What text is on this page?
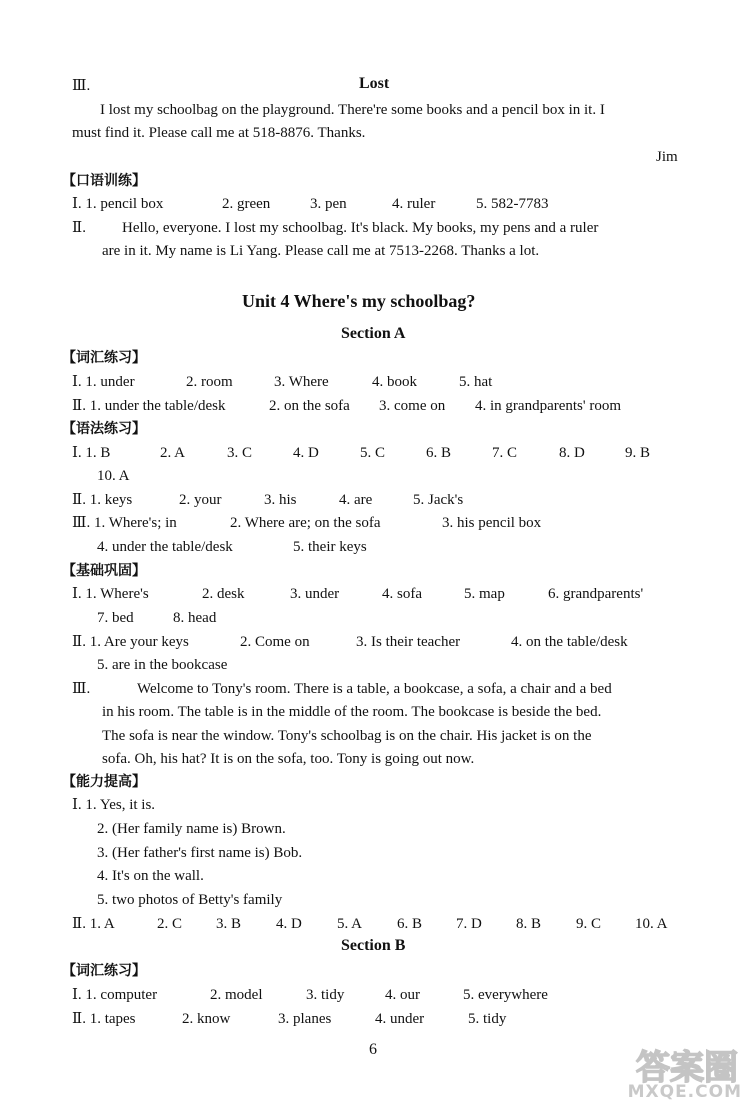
Ⅲ.	Lost
I lost my schoolbag on the playground. There're some books and a pencil box in it. I
must find it. Please call me at 518-8876. Thanks.
Jim
【口语训练】
Ⅰ. 1. pencil box	2. green	3. pen	4. ruler	5. 582-7783
Ⅱ. Hello, everyone. I lost my schoolbag. It's black. My books, my pens and a ruler
are in it. My name is Li Yang. Please call me at 7513-2268. Thanks a lot.
Unit 4 Where's my schoolbag?
Section A
【词汇练习】
Ⅰ. 1. under	2. room	3. Where	4. book	5. hat
Ⅱ. 1. under the table/desk	2. on the sofa 3. come on 4. in grandparents' room
【语法练习】
Ⅰ. 1. B	2. A	3. C	4. D	5. C	6. B	7. C	8. D	9. B
10. A
Ⅱ. 1. keys	2. your	3. his	4. are	5. Jack's
Ⅲ. 1. Where's; in	2. Where are; on the sofa	3. his pencil box
4. under the table/desk	5. their keys
【基础巩固】
Ⅰ. 1. Where's	2. desk	3. under	4. sofa	5. map	6. grandparents'
7. bed	8. head
Ⅱ. 1. Are your keys	2. Come on	3. Is their teacher	4. on the table/desk
5. are in the bookcase
Ⅲ.	Welcome to Tony's room. There is a table, a bookcase, a sofa, a chair and a bed
in his room. The table is in the middle of the room. The bookcase is beside the bed.
The sofa is near the window. Tony's schoolbag is on the chair. His jacket is on the
sofa. Oh, his hat? It is on the sofa, too. Tony is going out now.
【能力提高】
Ⅰ. 1. Yes, it is.
2. (Her family name is) Brown.
3. (Her father's first name is) Bob.
4. It's on the wall.
5. two photos of Betty's family
Ⅱ. 1. A	2. C 3. B 4. D 5. A 6. B 7. D 8. B 9. C 10. A
Section B
【词汇练习】
Ⅰ. 1. computer	2. model	3. tidy	4. our	5. everywhere
Ⅱ. 1. tapes	2. know	3. planes	4. under	5. tidy
6	答案圈
MXQE.COM
